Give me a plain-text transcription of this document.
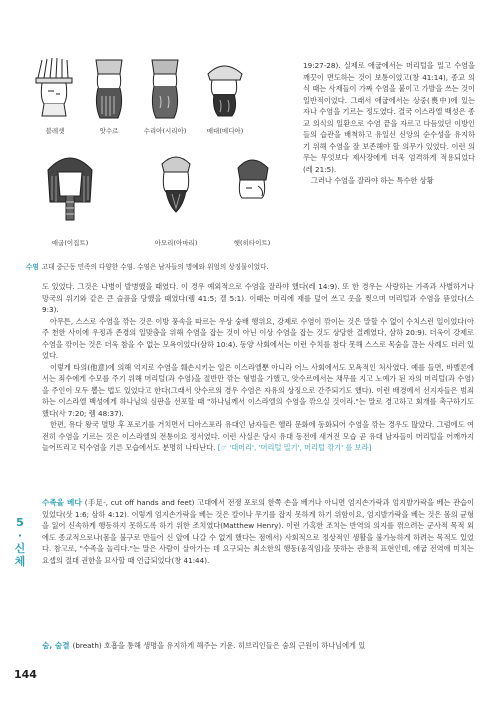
블레셋	앗수르	수리아(시리아)	메대(메디아)
애굽(이집트)	아모리(아마리)	헷(히타이트)
수염 고대 중근동 민족의 다양한 수염. 수염은 남자들의 명예와 위엄의 상징물이었다.
19:27-28). 실제로 애굽에서는 머리털을 밀고 수염을 깨끗이 면도하는 것이 보통이었고(창 41:14), 종교 의식 때는 사제들이 가짜 수염을 붙이고 가발을 쓰는 것이 일반적이었다. 그래서 애굽에서는 상중(喪中)에 있는 자나 수염을 기르는 정도였다. 결국 이스라엘 백성은 종교 의식의 일환으로 수염 끝을 자르고 다듬었던 이방인들의 습관을 배척하고 유일신 신앙의 순수성을 유지하기 위해 수염을 잘 보존해야 할 의무가 있었다. 이런 의무는 무엇보다 제사장에게 더욱 엄격하게 적용되었다(레 21:5).
그러나 수염을 잘라야 하는 특수한 상황

도 있었다. 그것은 나병이 발병했을 때였다. 이 경우 예외적으로 수염을 잘라야 했다(레 14:9). 또 한 경우는 사랑하는 가족과 사별하거나 망국의 위기와 같은 큰 슬픔을 당했을 때였다(렘 41:5; 겔 5:1). 이때는 머리에 재를 덮어 쓰고 옷을 찢으며 머리털과 수염을 뜯었다(스 9:3).

아무튼, 스스로 수염을 깎는 것은 이방 풍속을 따르는 우상 숭배 행위요, 강제로 수염이 깎이는 것은 말할 수 없이 수치스런 일이었다(아주 천한 사이에 우정과 존경의 일맞춤을 위해 수염을 잡는 것이 아닌 이상 수염을 잡는 것도 상당한 결례였다, 삼하 20:9). 더욱이 강제로 수염을 깎이는 것은 더욱 참을 수 없는 모욕이었다(삼하 10:4). 동양 사회에서는 이런 수치를 참다 못해 스스로 목숨을 끊는 사례도 더러 있었다.

이렇게 타의(他意)에 의해 억지로 수염을 훼손시키는 일은 이스라엘뿐 아니라 어느 사회에서도 모욕적인 처사였다. 예를 들면, 바벨론에서는 죄수에게 수모를 주기 위해 머리털(과 수염)을 절반만 깎는 형벌을 가했고, 앗수르에서는 채무를 지고 노예가 된 자의 머리털(과 수염)을 주인이 모두 뽑는 법도 있었다고 한다(그래서 앗수르의 경우 수염은 자유의 상징으로 간주되기도 했다). 이런 배경에서 선지자들은 범죄하는 이스라엘 백성에게 하나님의 심판을 선포할 때 "하나님께서 이스라엘의 수염을 깎으실 것이라."는 말로 경고하고 회개를 촉구하기도 했다(사 7:20; 렘 48:37).

한편, 유다 왕국 멸망 후 포로기를 거치면서 디아스포라 유대인 남자들은 헬라 문화에 동화되어 수염을 깎는 경우도 많았다. 그럼에도 여전히 수염을 기르는 것은 이스라엘의 전통이요 정서였다. 이런 사실은 당시 유대 동전에 새겨진 모습 곧 유대 남자들이 머리털을 어깨까지 늘어뜨리고 턱수염을 기른 모습에서도 분명히 나타난다. [☞ '대머리', '머리털 밀기', 머리털 깎기' 를 보라]

수족을 베다 (手足-, cut off hands and feet) 고대에서 전쟁 포로의 한쪽 손을 베거나 아니면 엄지손가락과 엄지발가락을 베는 관습이 있었다(삿 1:6; 삼하 4:12). 이렇게 엄지손가락을 베는 것은 칼이나 무기를 잡지 못하게 하기 위함이요, 엄지발가락을 베는 것은 몸의 균형을 잃어 신속하게 행동하지 못하도록 하기 위한 조치였다(Matthew Henry). 이런 가혹한 조치는 반역의 의지를 꺾으려는 군사적 목적 외에도 종교적으로나(몸을 불구로 만들어 신 앞에 나갈 수 없게 했다는 점에서) 사회적으로 정상적인 생활을 불가능하게 하려는 목적도 있었다. 참고로, "수족을 놀리다."는 말은 사람이 살아가는 데 요구되는 최소한의 행동(움직임)을 뜻하는 관용적 표현인데, 애굽 전역에 미치는 요셉의 절대 권한을 묘사할 때 언급되었다(창 41:44).
숨, 숨결 (breath) 호흡을 통해 생명을 유지하게 해주는 기운. 히브리인들은 숨의 근원이 하나님에게 있
5
·
신
체
144
